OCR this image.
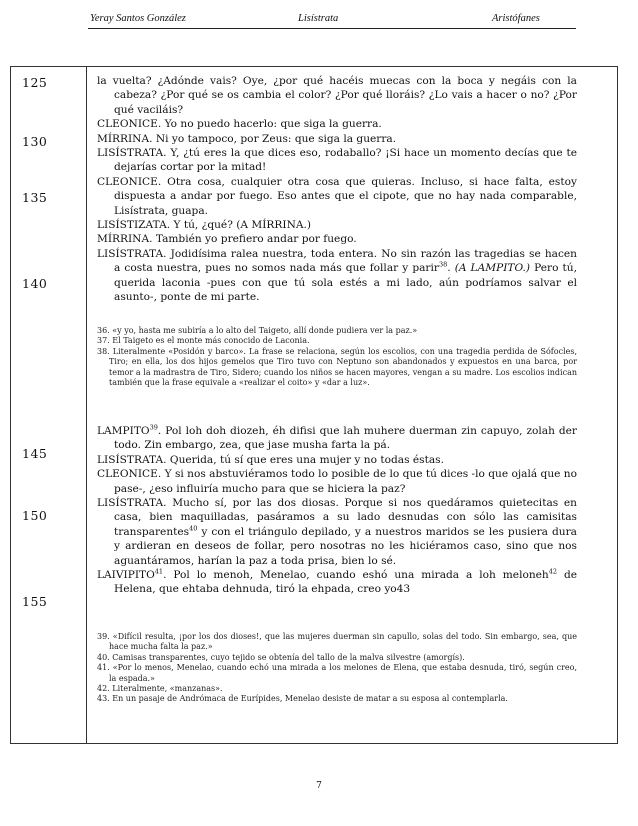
Yeray Santos González	Lisístrata	Aristófanes
125
130
135
140
145
150
155

la vuelta? ¿Adónde vais? Oye, ¿por qué hacéis muecas con la boca y negáis con la cabeza? ¿Por qué se os cambia el color? ¿Por qué lloráis? ¿Lo vais a hacer o no? ¿Por qué vaciláis?

CLEONICE. Yo no puedo hacerlo: que siga la guerra.

MÍRRINA. Ni yo tampoco, por Zeus: que siga la guerra.

LISÍSTRATA. Y, ¿tú eres la que dices eso, rodaballo? ¡Si hace un momento decías que te dejarías cortar por la mitad!

CLEONICE. Otra cosa, cualquier otra cosa que quieras. Incluso, si hace falta, estoy dispuesta a andar por fuego. Eso antes que el cipote, que no hay nada comparable, Lisístrata, guapa.

LISÍSTIZATA. Y tú, ¿qué? (A MÍRRINA.)

MÍRRINA. También yo prefiero andar por fuego.

LISÍSTRATA. Jodidísima ralea nuestra, toda entera. No sin razón las tragedias se hacen a costa nuestra, pues no somos nada más que follar y parir$^{38}$. (A LAMPITO.) Pero tú, querida laconia -pues con que tú sola estés a mi lado, aún podríamos salvar el asunto-, ponte de mi parte.

36. «y yo, hasta me subiría a lo alto del Taigeto, allí donde pudiera ver la paz.»

37. El Taigeto es el monte más conocido de Laconia.

38. Literalmente «Posidón y barco». La frase se relaciona, según los escolios, con una tragedia perdida de Sófocles, Tiro; en ella, los dos hijos gemelos que Tiro tuvo con Neptuno son abandonados y expuestos en una barca, por temor a la madrastra de Tiro, Sidero; cuando los niños se hacen mayores, vengan a su madre. Los escolios indican también que la frase equivale a «realizar el coito» y «dar a luz».

LAMPITO$^{39}$. Pol loh doh diozeh, éh difisi que lah muhere duerman zin capuyo, zolah der todo. Zin embargo, zea, que jase musha farta la pá.

LISÍSTRATA. Querida, tú sí que eres una mujer y no todas éstas.

CLEONICE. Y si nos abstuviéramos todo lo posible de lo que tú dices -lo que ojalá que no pase-, ¿eso influiría mucho para que se hiciera la paz?

LISÍSTRATA. Mucho sí, por las dos diosas. Porque si nos quedáramos quietecitas en casa, bien maquilladas, pasáramos a su lado desnudas con sólo las camisitas transparentes$^{40}$ y con el triángulo depilado, y a nuestros maridos se les pusiera dura y ardieran en deseos de follar, pero nosotras no les hiciéramos caso, sino que nos aguantáramos, harían la paz a toda prisa, bien lo sé.

LAIVIPITO$^{41}$. Pol lo menoh, Menelao, cuando eshó una mirada a loh meloneh$^{42}$ de Helena, que ehtaba dehnuda, tiró la ehpada, creo yo43

39. «Difícil resulta, ¡por los dos dioses!, que las mujeres duerman sin capullo, solas del todo. Sin embargo, sea, que hace mucha falta la paz.»

40. Camisas transparentes, cuyo tejido se obtenía del tallo de la malva silvestre (amorgís).

41. «Por lo menos, Menelao, cuando echó una mirada a los melones de Elena, que estaba desnuda, tiró, según creo, la espada.»

42. Literalmente, «manzanas».

43. En un pasaje de Andrómaca de Eurípides, Menelao desiste de matar a su esposa al contemplarla.

7
